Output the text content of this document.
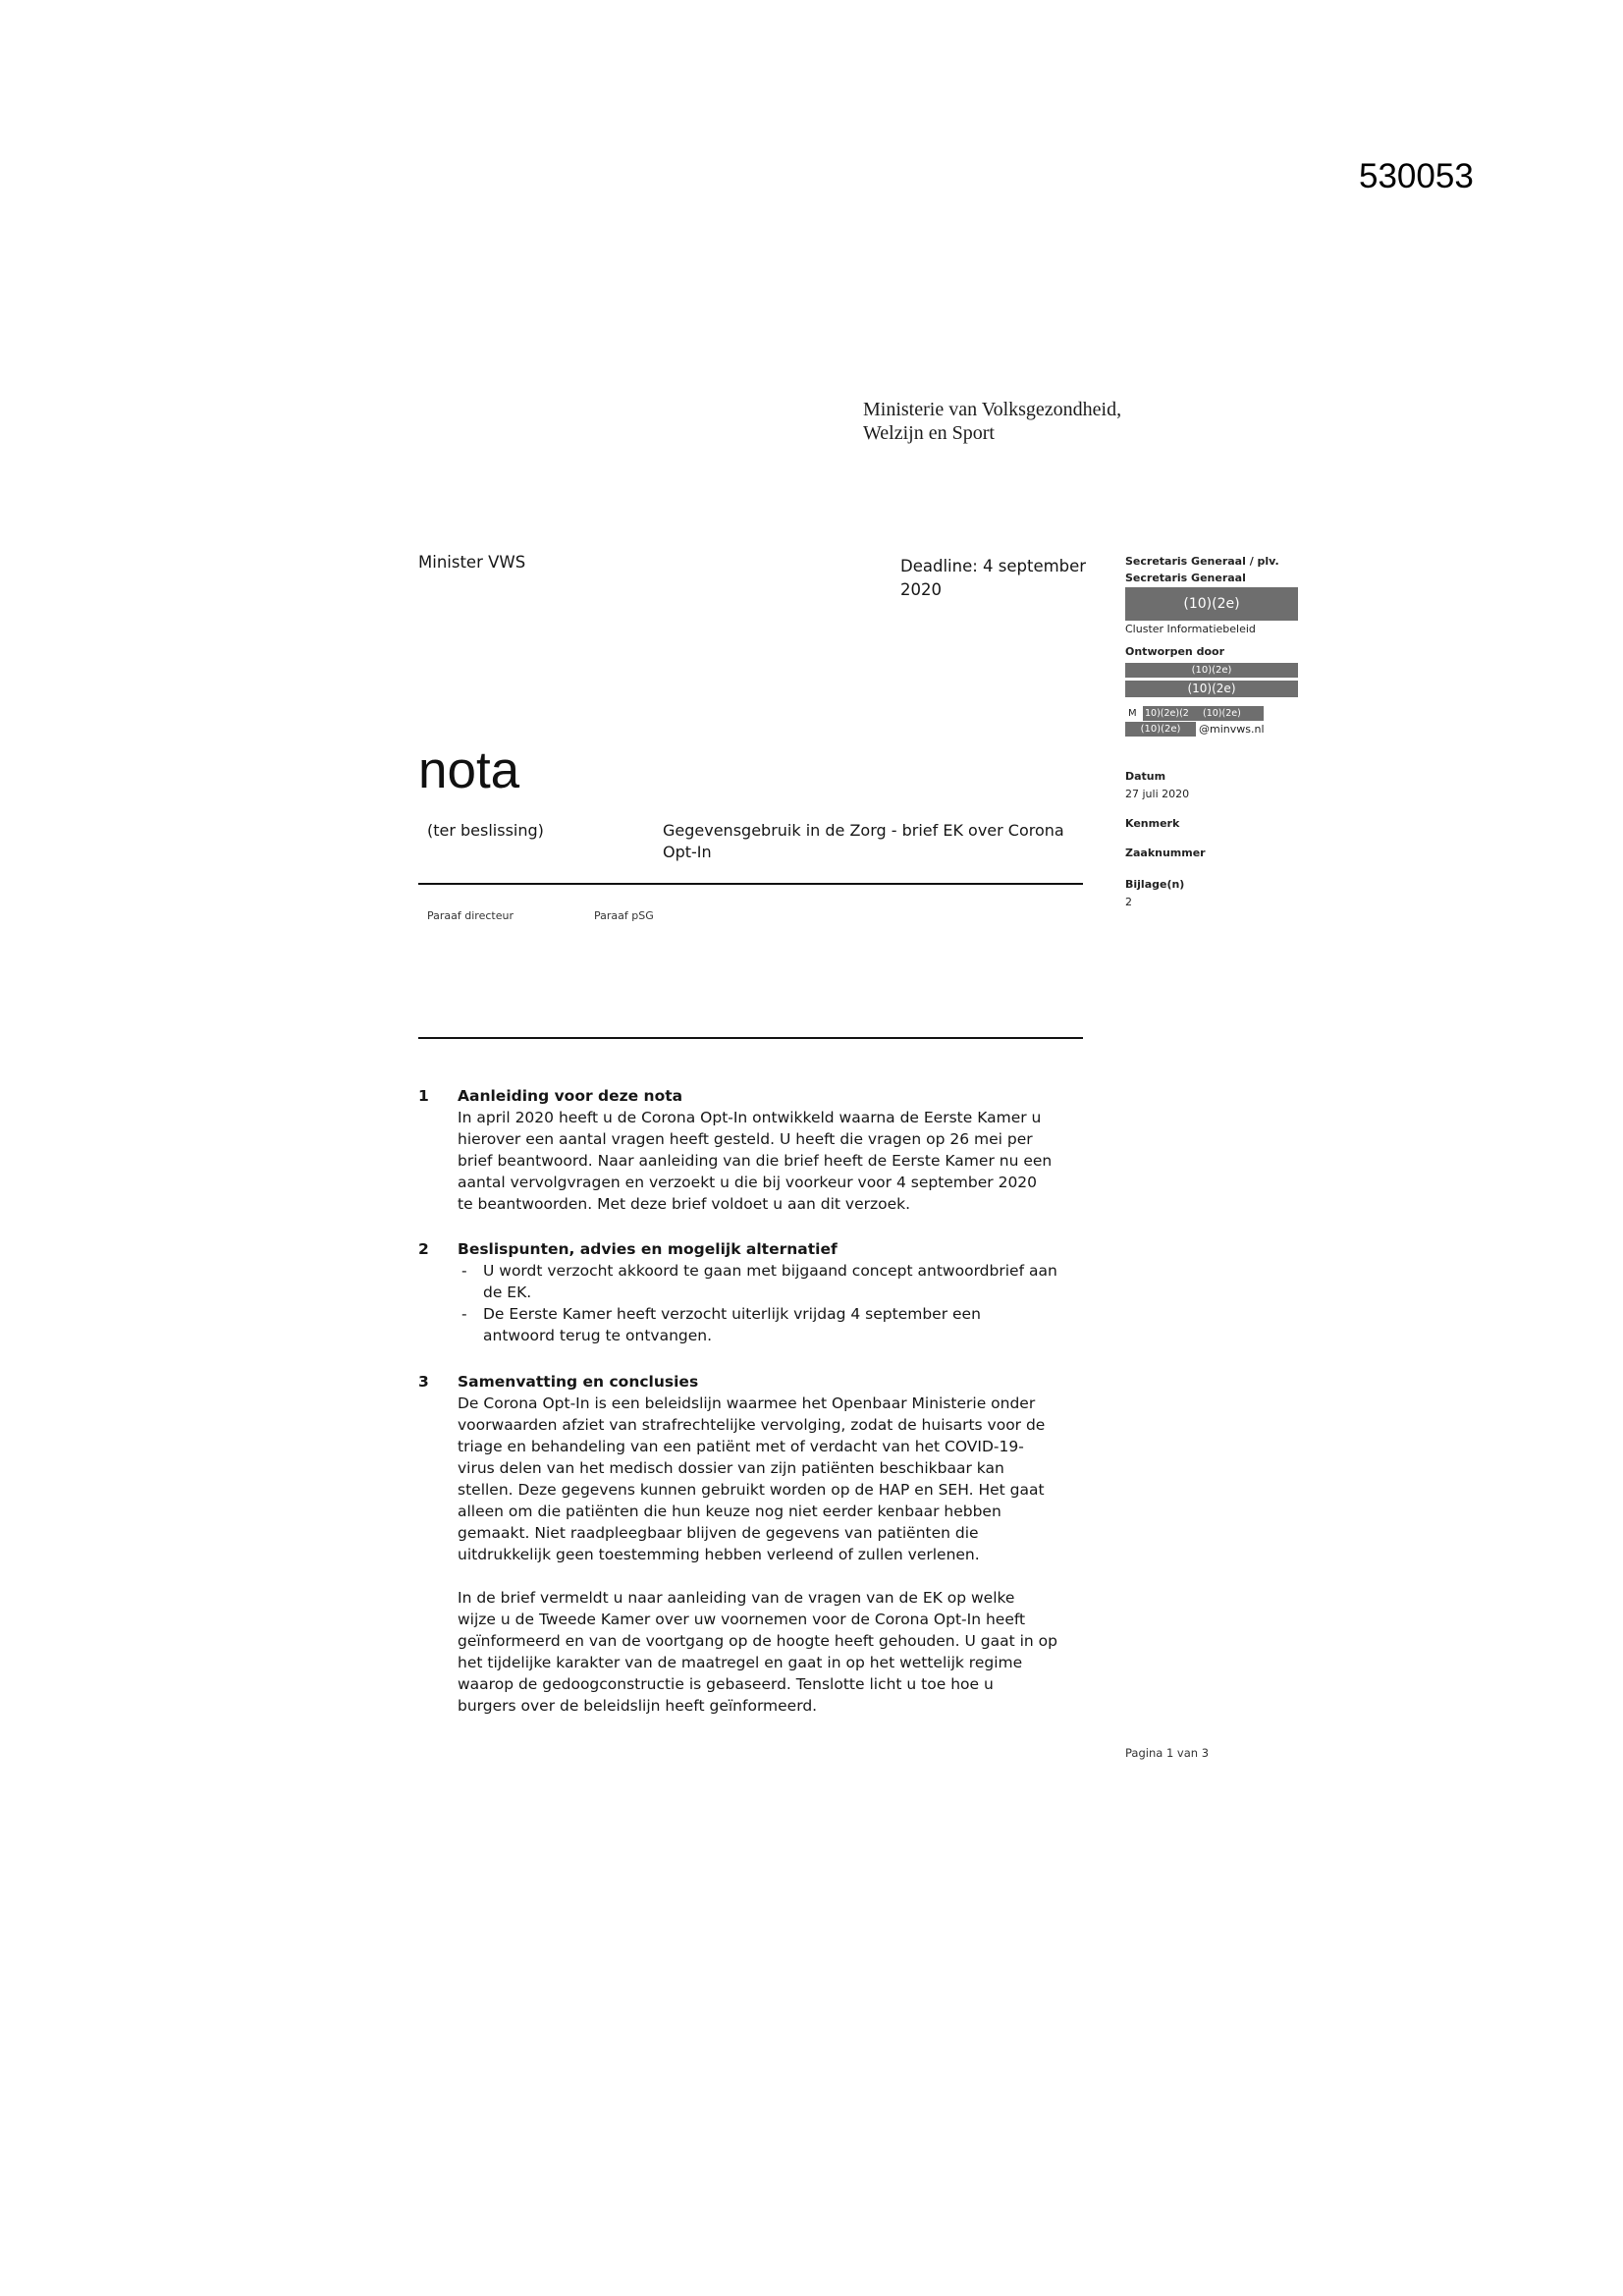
530053
Ministerie van Volksgezondheid,
Welzijn en Sport
Minister VWS	Deadline: 4 september
2020
Secretaris Generaal / plv.
Secretaris Generaal
(10)(2e)
Cluster Informatiebeleid
Ontworpen door
(10)(2e)
(10)(2e)
M 10)(2e)(2 (10)(2e)
(10)(2e)	@minvws.nl
Datum
27 juli 2020
Kenmerk
Zaaknummer
Bijlage(n)
2
nota
(ter beslissing)	Gegevensgebruik in de Zorg - brief EK over Corona
Opt-In
Paraaf directeur	Paraaf pSG
1 Aanleiding voor deze nota
In april 2020 heeft u de Corona Opt-In ontwikkeld waarna de Eerste Kamer u
hierover een aantal vragen heeft gesteld. U heeft die vragen op 26 mei per
brief beantwoord. Naar aanleiding van die brief heeft de Eerste Kamer nu een
aantal vervolgvragen en verzoekt u die bij voorkeur voor 4 september 2020
te beantwoorden. Met deze brief voldoet u aan dit verzoek.
2 Beslispunten, advies en mogelijk alternatief
- U wordt verzocht akkoord te gaan met bijgaand concept antwoordbrief aan
de EK.
- De Eerste Kamer heeft verzocht uiterlijk vrijdag 4 september een
antwoord terug te ontvangen.
3 Samenvatting en conclusies
De Corona Opt-In is een beleidslijn waarmee het Openbaar Ministerie onder
voorwaarden afziet van strafrechtelijke vervolging, zodat de huisarts voor de
triage en behandeling van een patiënt met of verdacht van het COVID-19-
virus delen van het medisch dossier van zijn patiënten beschikbaar kan
stellen. Deze gegevens kunnen gebruikt worden op de HAP en SEH. Het gaat
alleen om die patiënten die hun keuze nog niet eerder kenbaar hebben
gemaakt. Niet raadpleegbaar blijven de gegevens van patiënten die
uitdrukkelijk geen toestemming hebben verleend of zullen verlenen.
In de brief vermeldt u naar aanleiding van de vragen van de EK op welke
wijze u de Tweede Kamer over uw voornemen voor de Corona Opt-In heeft
geïnformeerd en van de voortgang op de hoogte heeft gehouden. U gaat in op
het tijdelijke karakter van de maatregel en gaat in op het wettelijk regime
waarop de gedoogconstructie is gebaseerd. Tenslotte licht u toe hoe u
burgers over de beleidslijn heeft geïnformeerd.
Pagina 1 van 3
